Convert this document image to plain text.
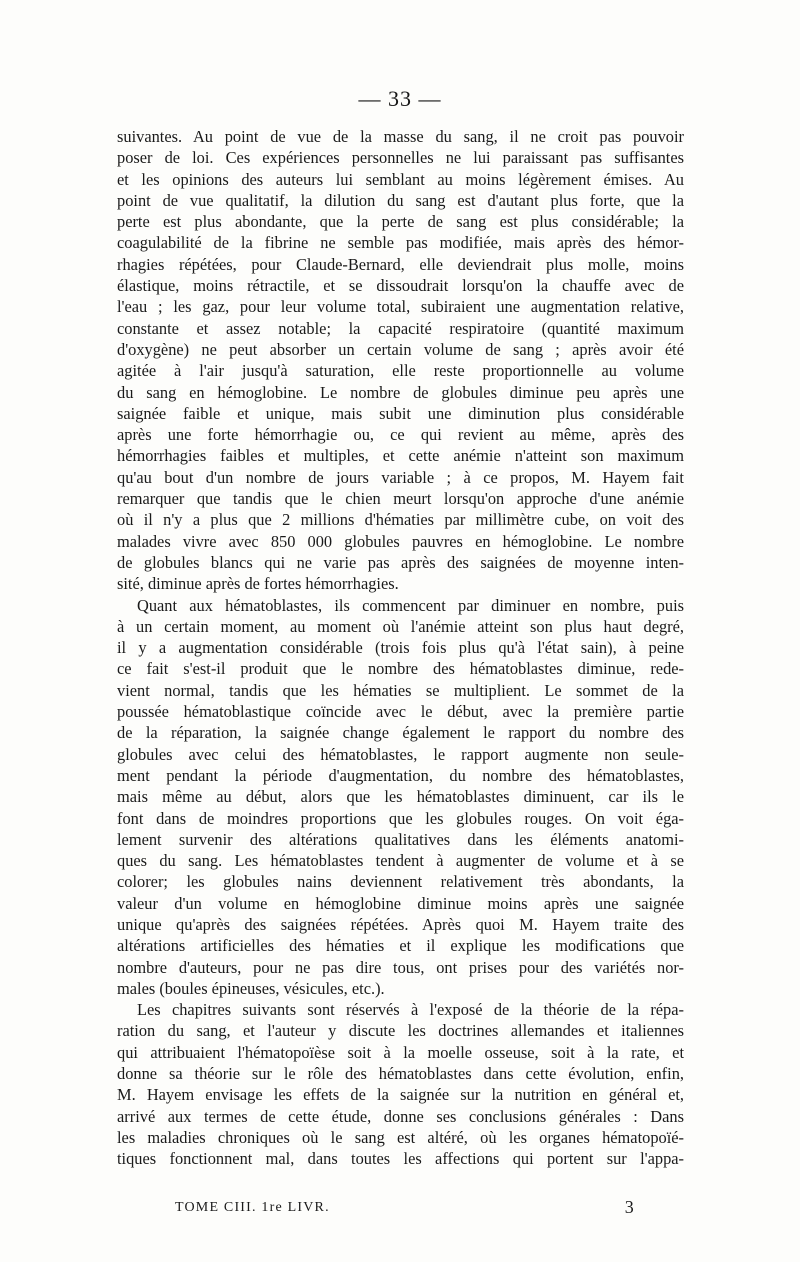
— 33 —
suivantes. Au point de vue de la masse du sang, il ne croit pas pouvoir
poser de loi. Ces expériences personnelles ne lui paraissant pas suffisantes
et les opinions des auteurs lui semblant au moins légèrement émises. Au
point de vue qualitatif, la dilution du sang est d'autant plus forte, que la
perte est plus abondante, que la perte de sang est plus considérable; la
coagulabilité de la fibrine ne semble pas modifiée, mais après des hémor-
rhagies répétées, pour Claude-Bernard, elle deviendrait plus molle, moins
élastique, moins rétractile, et se dissoudrait lorsqu'on la chauffe avec de
l'eau ; les gaz, pour leur volume total, subiraient une augmentation relative,
constante et assez notable; la capacité respiratoire (quantité maximum
d'oxygène) ne peut absorber un certain volume de sang ; après avoir été
agitée à l'air jusqu'à saturation, elle reste proportionnelle au volume
du sang en hémoglobine. Le nombre de globules diminue peu après une
saignée faible et unique, mais subit une diminution plus considérable
après une forte hémorrhagie ou, ce qui revient au même, après des
hémorrhagies faibles et multiples, et cette anémie n'atteint son maximum
qu'au bout d'un nombre de jours variable ; à ce propos, M. Hayem fait
remarquer que tandis que le chien meurt lorsqu'on approche d'une anémie
où il n'y a plus que 2 millions d'hématies par millimètre cube, on voit des
malades vivre avec 850 000 globules pauvres en hémoglobine. Le nombre
de globules blancs qui ne varie pas après des saignées de moyenne inten-
sité, diminue après de fortes hémorrhagies.
Quant aux hématoblastes, ils commencent par diminuer en nombre, puis
à un certain moment, au moment où l'anémie atteint son plus haut degré,
il y a augmentation considérable (trois fois plus qu'à l'état sain), à peine
ce fait s'est-il produit que le nombre des hématoblastes diminue, rede-
vient normal, tandis que les hématies se multiplient. Le sommet de la
poussée hématoblastique coïncide avec le début, avec la première partie
de la réparation, la saignée change également le rapport du nombre des
globules avec celui des hématoblastes, le rapport augmente non seule-
ment pendant la période d'augmentation, du nombre des hématoblastes,
mais même au début, alors que les hématoblastes diminuent, car ils le
font dans de moindres proportions que les globules rouges. On voit éga-
lement survenir des altérations qualitatives dans les éléments anatomi-
ques du sang. Les hématoblastes tendent à augmenter de volume et à se
colorer; les globules nains deviennent relativement très abondants, la
valeur d'un volume en hémoglobine diminue moins après une saignée
unique qu'après des saignées répétées. Après quoi M. Hayem traite des
altérations artificielles des hématies et il explique les modifications que
nombre d'auteurs, pour ne pas dire tous, ont prises pour des variétés nor-
males (boules épineuses, vésicules, etc.).
Les chapitres suivants sont réservés à l'exposé de la théorie de la répa-
ration du sang, et l'auteur y discute les doctrines allemandes et italiennes
qui attribuaient l'hématopoïèse soit à la moelle osseuse, soit à la rate, et
donne sa théorie sur le rôle des hématoblastes dans cette évolution, enfin,
M. Hayem envisage les effets de la saignée sur la nutrition en général et,
arrivé aux termes de cette étude, donne ses conclusions générales : Dans
les maladies chroniques où le sang est altéré, où les organes hématopoïé-
tiques fonctionnent mal, dans toutes les affections qui portent sur l'appa-
TOME CIII. 1re LIVR.	3
